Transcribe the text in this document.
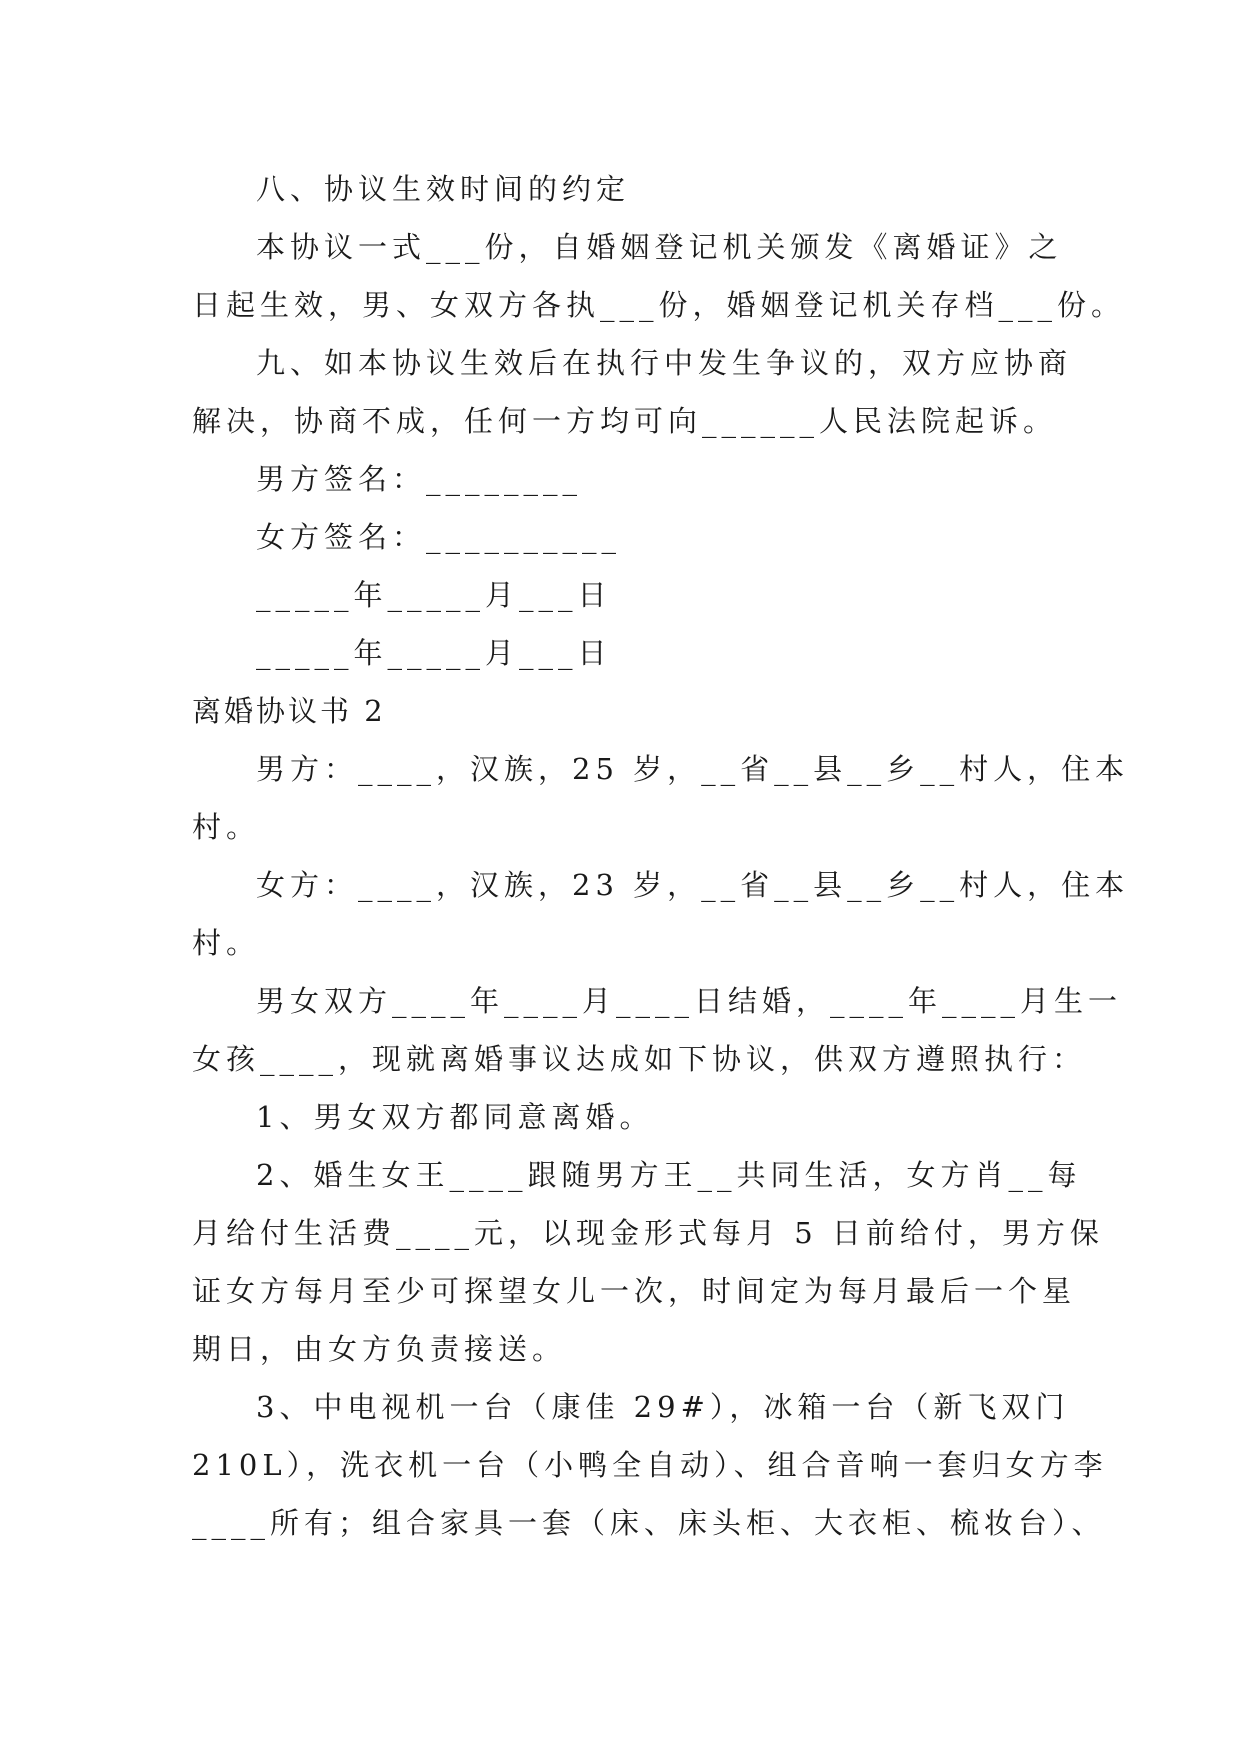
八、协议生效时间的约定
本协议一式___份，自婚姻登记机关颁发《离婚证》之
日起生效，男、女双方各执___份，婚姻登记机关存档___份。
九、如本协议生效后在执行中发生争议的，双方应协商
解决，协商不成，任何一方均可向______人民法院起诉。
男方签名：________
女方签名：__________
_____年_____月___日
_____年_____月___日
离婚协议书 2
男方：____，汉族，25 岁，__省__县__乡__村人，住本
村。
女方：____，汉族，23 岁，__省__县__乡__村人，住本
村。
男女双方____年____月____日结婚，____年____月生一
女孩____，现就离婚事议达成如下协议，供双方遵照执行：
1、男女双方都同意离婚。
2、婚生女王____跟随男方王__共同生活，女方肖__每
月给付生活费____元，以现金形式每月 5 日前给付，男方保
证女方每月至少可探望女儿一次，时间定为每月最后一个星
期日，由女方负责接送。
3、中电视机一台（康佳 29#），冰箱一台（新飞双门
210L），洗衣机一台（小鸭全自动）、组合音响一套归女方李
____所有；组合家具一套（床、床头柜、大衣柜、梳妆台）、
